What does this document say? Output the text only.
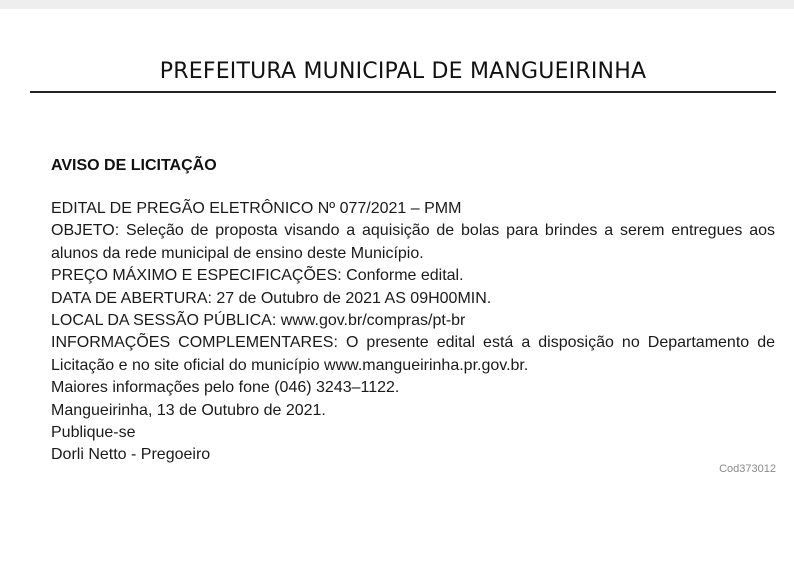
PREFEITURA MUNICIPAL DE MANGUEIRINHA
AVISO DE LICITAÇÃO

EDITAL DE PREGÃO ELETRÔNICO Nº 077/2021 – PMM

OBJETO: Seleção de proposta visando a aquisição de bolas para brindes a serem entregues aos alunos da rede municipal de ensino deste Município.

PREÇO MÁXIMO E ESPECIFICAÇÕES: Conforme edital.

DATA DE ABERTURA: 27 de Outubro de 2021 AS 09H00MIN.

LOCAL DA SESSÃO PÚBLICA: www.gov.br/compras/pt-br

INFORMAÇÕES COMPLEMENTARES: O presente edital está a disposição no Departamento de Licitação e no site oficial do município www.mangueirinha.pr.gov.br.

Maiores informações pelo fone (046) 3243–1122.

Mangueirinha, 13 de Outubro de 2021.

Publique-se

Dorli Netto - Pregoeiro

Cod373012
